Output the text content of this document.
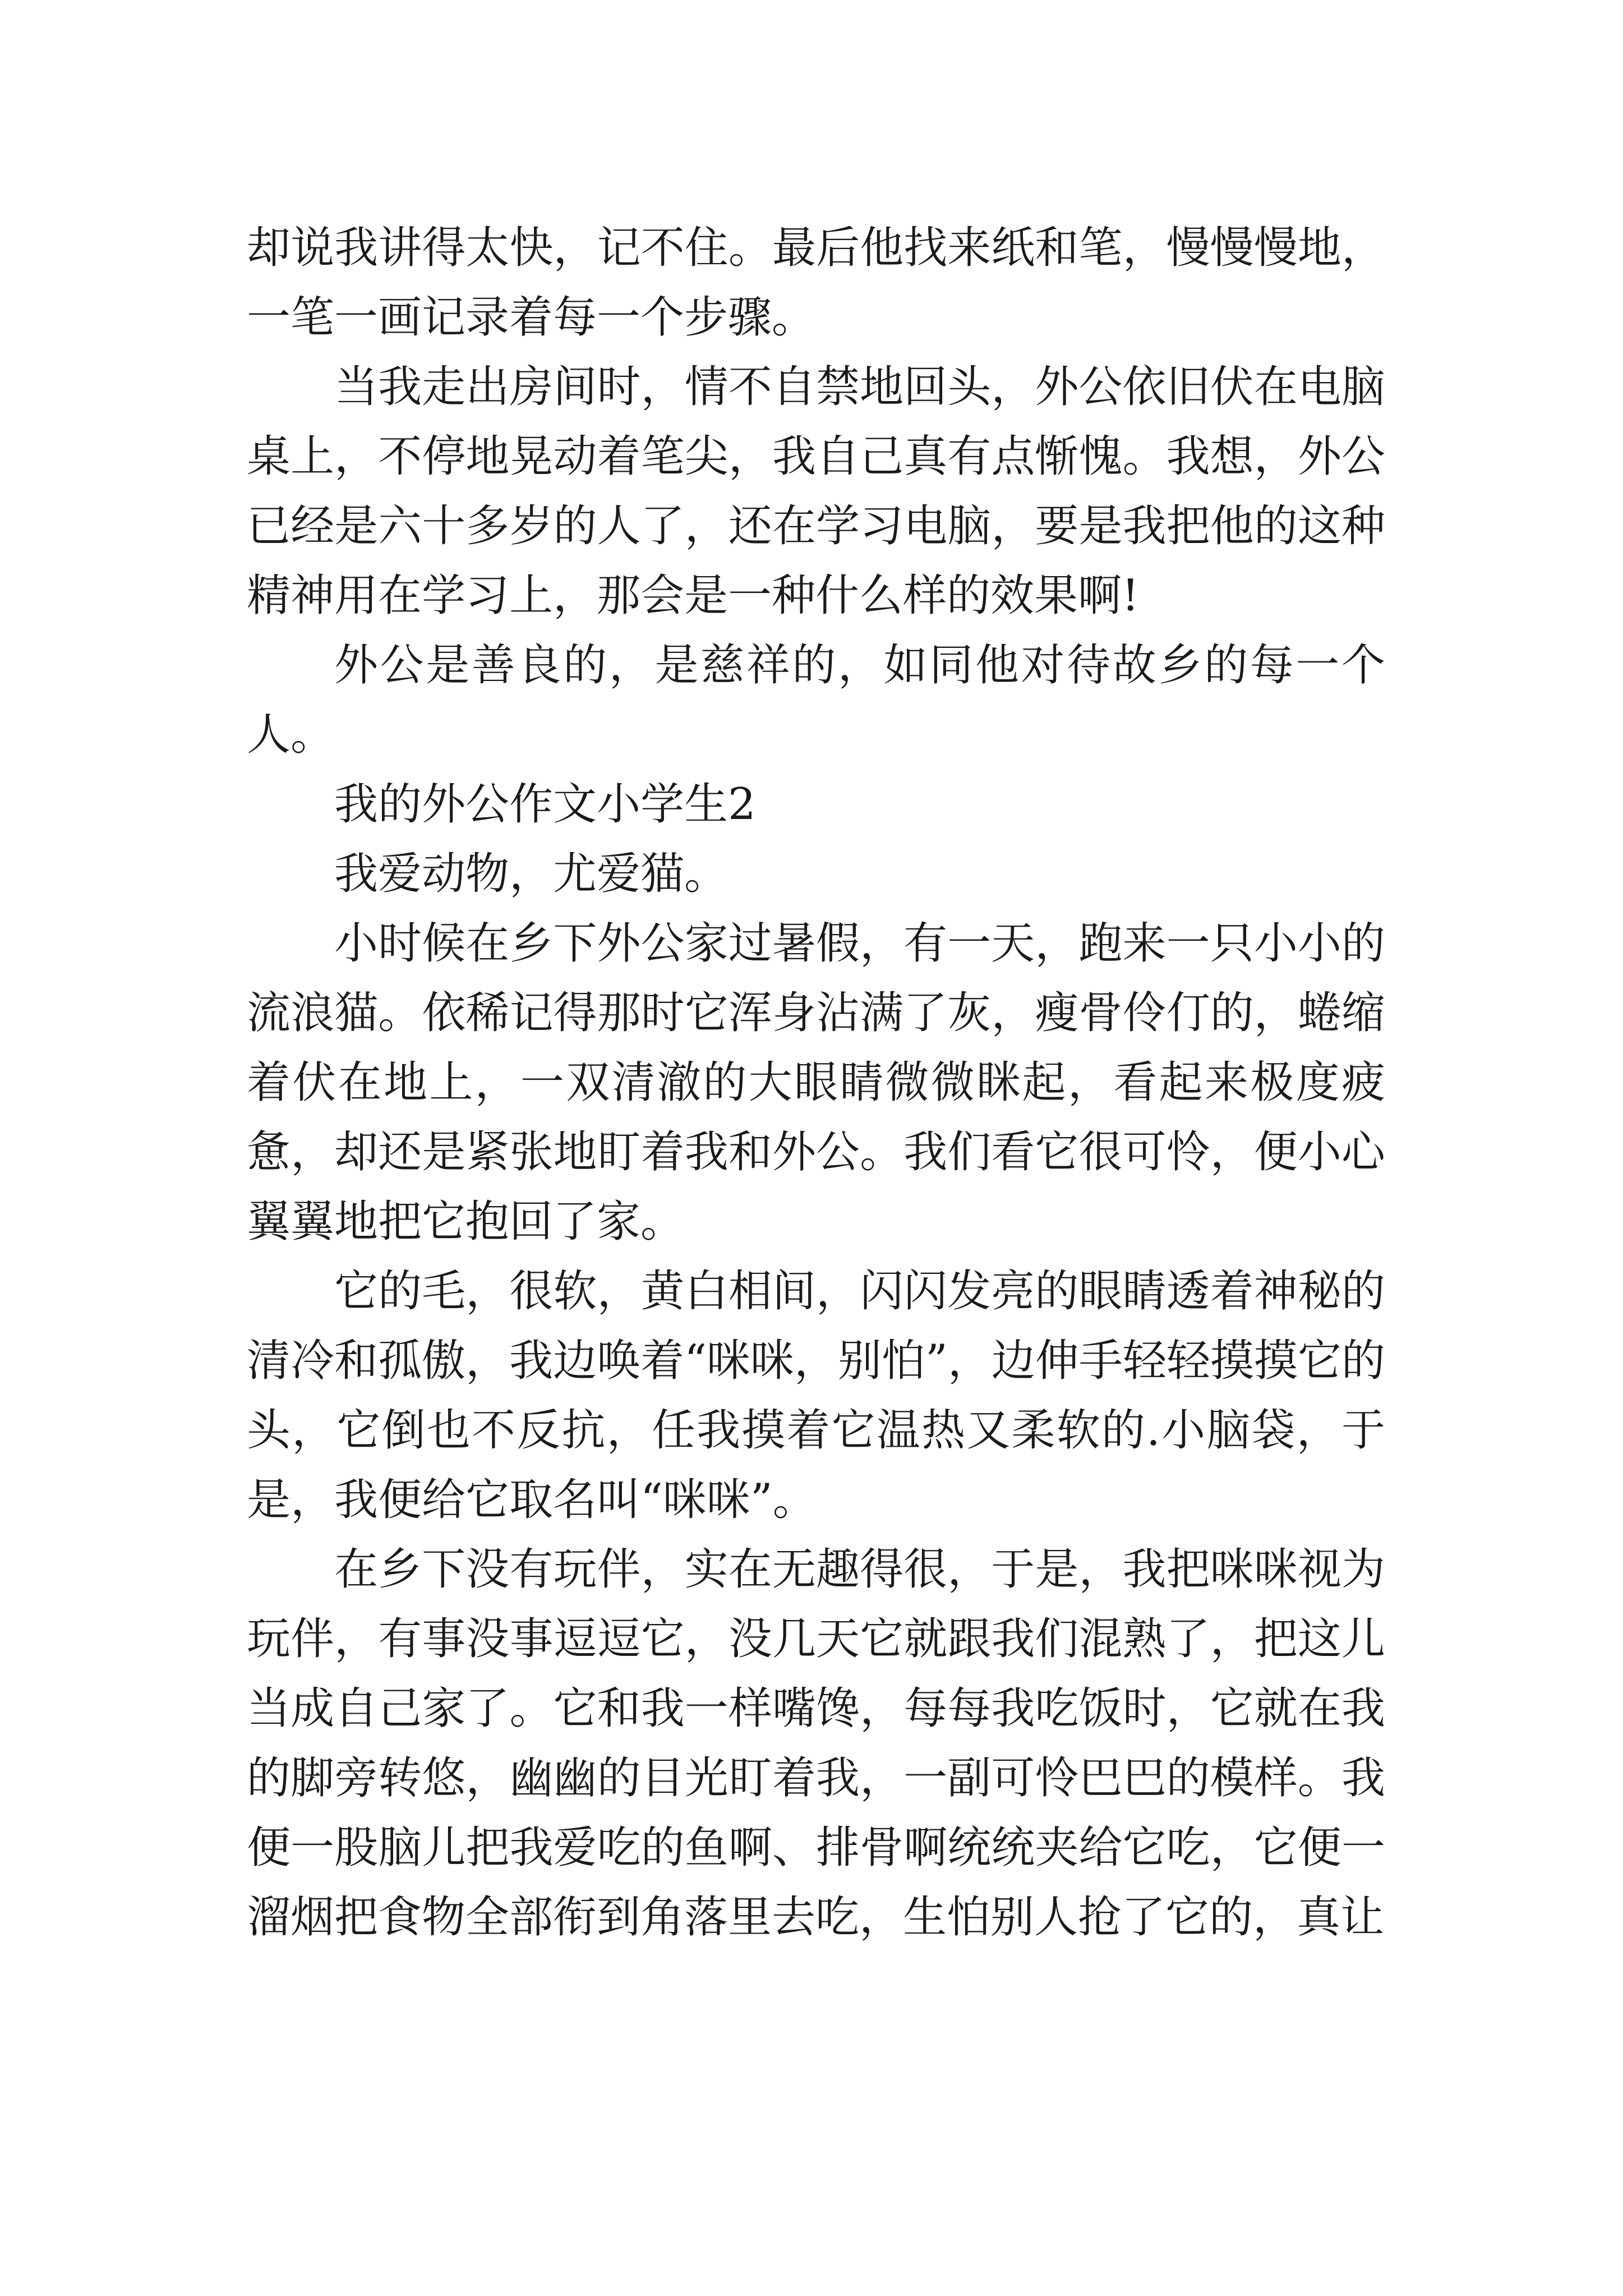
却说我讲得太快，记不住。最后他找来纸和笔，慢慢慢地，一笔一画记录着每一个步骤。

当我走出房间时，情不自禁地回头，外公依旧伏在电脑桌上，不停地晃动着笔尖，我自己真有点惭愧。我想，外公已经是六十多岁的人了，还在学习电脑，要是我把他的这种精神用在学习上，那会是一种什么样的效果啊!

外公是善良的，是慈祥的，如同他对待故乡的每一个人。

我的外公作文小学生2

我爱动物，尤爱猫。

小时候在乡下外公家过暑假，有一天，跑来一只小小的流浪猫。依稀记得那时它浑身沾满了灰，瘦骨伶仃的，蜷缩着伏在地上，一双清澈的大眼睛微微眯起，看起来极度疲惫，却还是紧张地盯着我和外公。我们看它很可怜，便小心翼翼地把它抱回了家。

它的毛，很软，黄白相间，闪闪发亮的眼睛透着神秘的清冷和孤傲，我边唤着“咪咪，别怕”，边伸手轻轻摸摸它的头，它倒也不反抗，任我摸着它温热又柔软的.小脑袋，于是，我便给它取名叫“咪咪”。

在乡下没有玩伴，实在无趣得很，于是，我把咪咪视为玩伴，有事没事逗逗它，没几天它就跟我们混熟了，把这儿当成自己家了。它和我一样嘴馋，每每我吃饭时，它就在我的脚旁转悠，幽幽的目光盯着我，一副可怜巴巴的模样。我便一股脑儿把我爱吃的鱼啊、排骨啊统统夹给它吃，它便一溜烟把食物全部衔到角落里去吃，生怕别人抢了它的，真让
